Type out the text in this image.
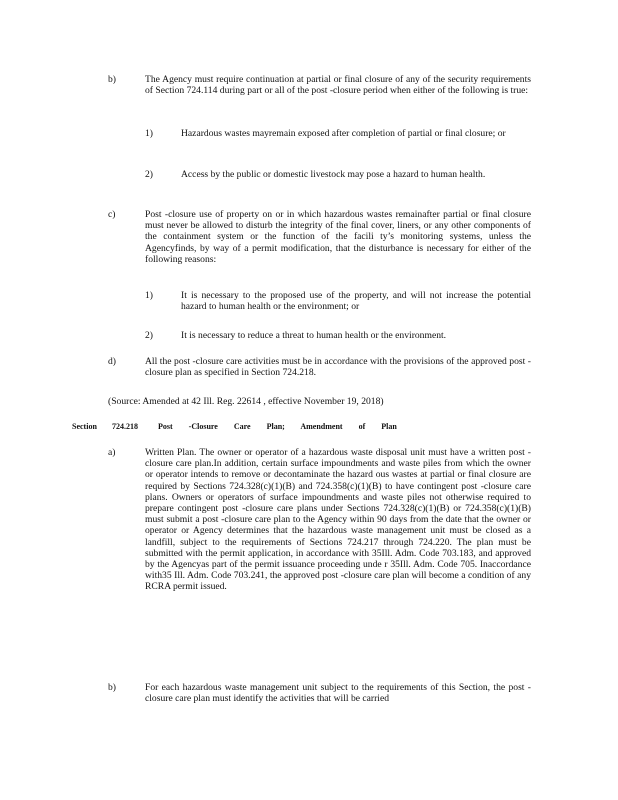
b)	The Agency must require continuation at partial or final closure of any of the security requirements of Section 724.114 during part or all of the post -closure period when either of the following is true:
1)	Hazardous wastes mayremain exposed after completion of partial or final closure; or
2)	Access by the public or domestic livestock may pose a hazard to human health.
c)	Post -closure use of property on or in which hazardous wastes remainafter partial or final closure must never be allowed to disturb the integrity of the final cover, liners, or any other components of the containment system or the function of the facili ty’s monitoring systems, unless the Agencyfinds, by way of a permit modification, that the disturbance is necessary for either of the following reasons:
1)	It is necessary to the proposed use of the property, and will not increase the potential hazard to human health or the environment; or
2)	It is necessary to reduce a threat to human health or the environment.
d)	All the post -closure care activities must be in accordance with the provisions of the approved post -closure plan as specified in Section 724.218.
(Source: Amended at 42 Ill. Reg. 22614 , effective November 19, 2018)
Section 724.218	Post -Closure Care Plan; Amendment of Plan
a)	Written Plan. The owner or operator of a hazardous waste disposal unit must have a written post -closure care plan.In addition, certain surface impoundments and waste piles from which the owner or operator intends to remove or decontaminate the hazard ous wastes at partial or final closure are required by Sections 724.328(c)(1)(B) and 724.358(c)(1)(B) to have contingent post -closure care plans. Owners or operators of surface impoundments and waste piles not otherwise required to prepare contingent post -closure care plans under Sections 724.328(c)(1)(B) or 724.358(c)(1)(B) must submit a post -closure care plan to the Agency within 90 days from the date that the owner or operator or Agency determines that the hazardous waste management unit must be closed as a landfill, subject to the requirements of Sections 724.217 through 724.220. The plan must be submitted with the permit application, in accordance with 35Ill. Adm. Code 703.183, and approved by the Agencyas part of the permit issuance proceeding unde r 35Ill. Adm. Code 705. Inaccordance with35 Ill. Adm. Code 703.241, the approved post -closure care plan will become a condition of any RCRA permit issued.
b)	For each hazardous waste management unit subject to the requirements of this Section, the post -closure care plan must identify the activities that will be carried
